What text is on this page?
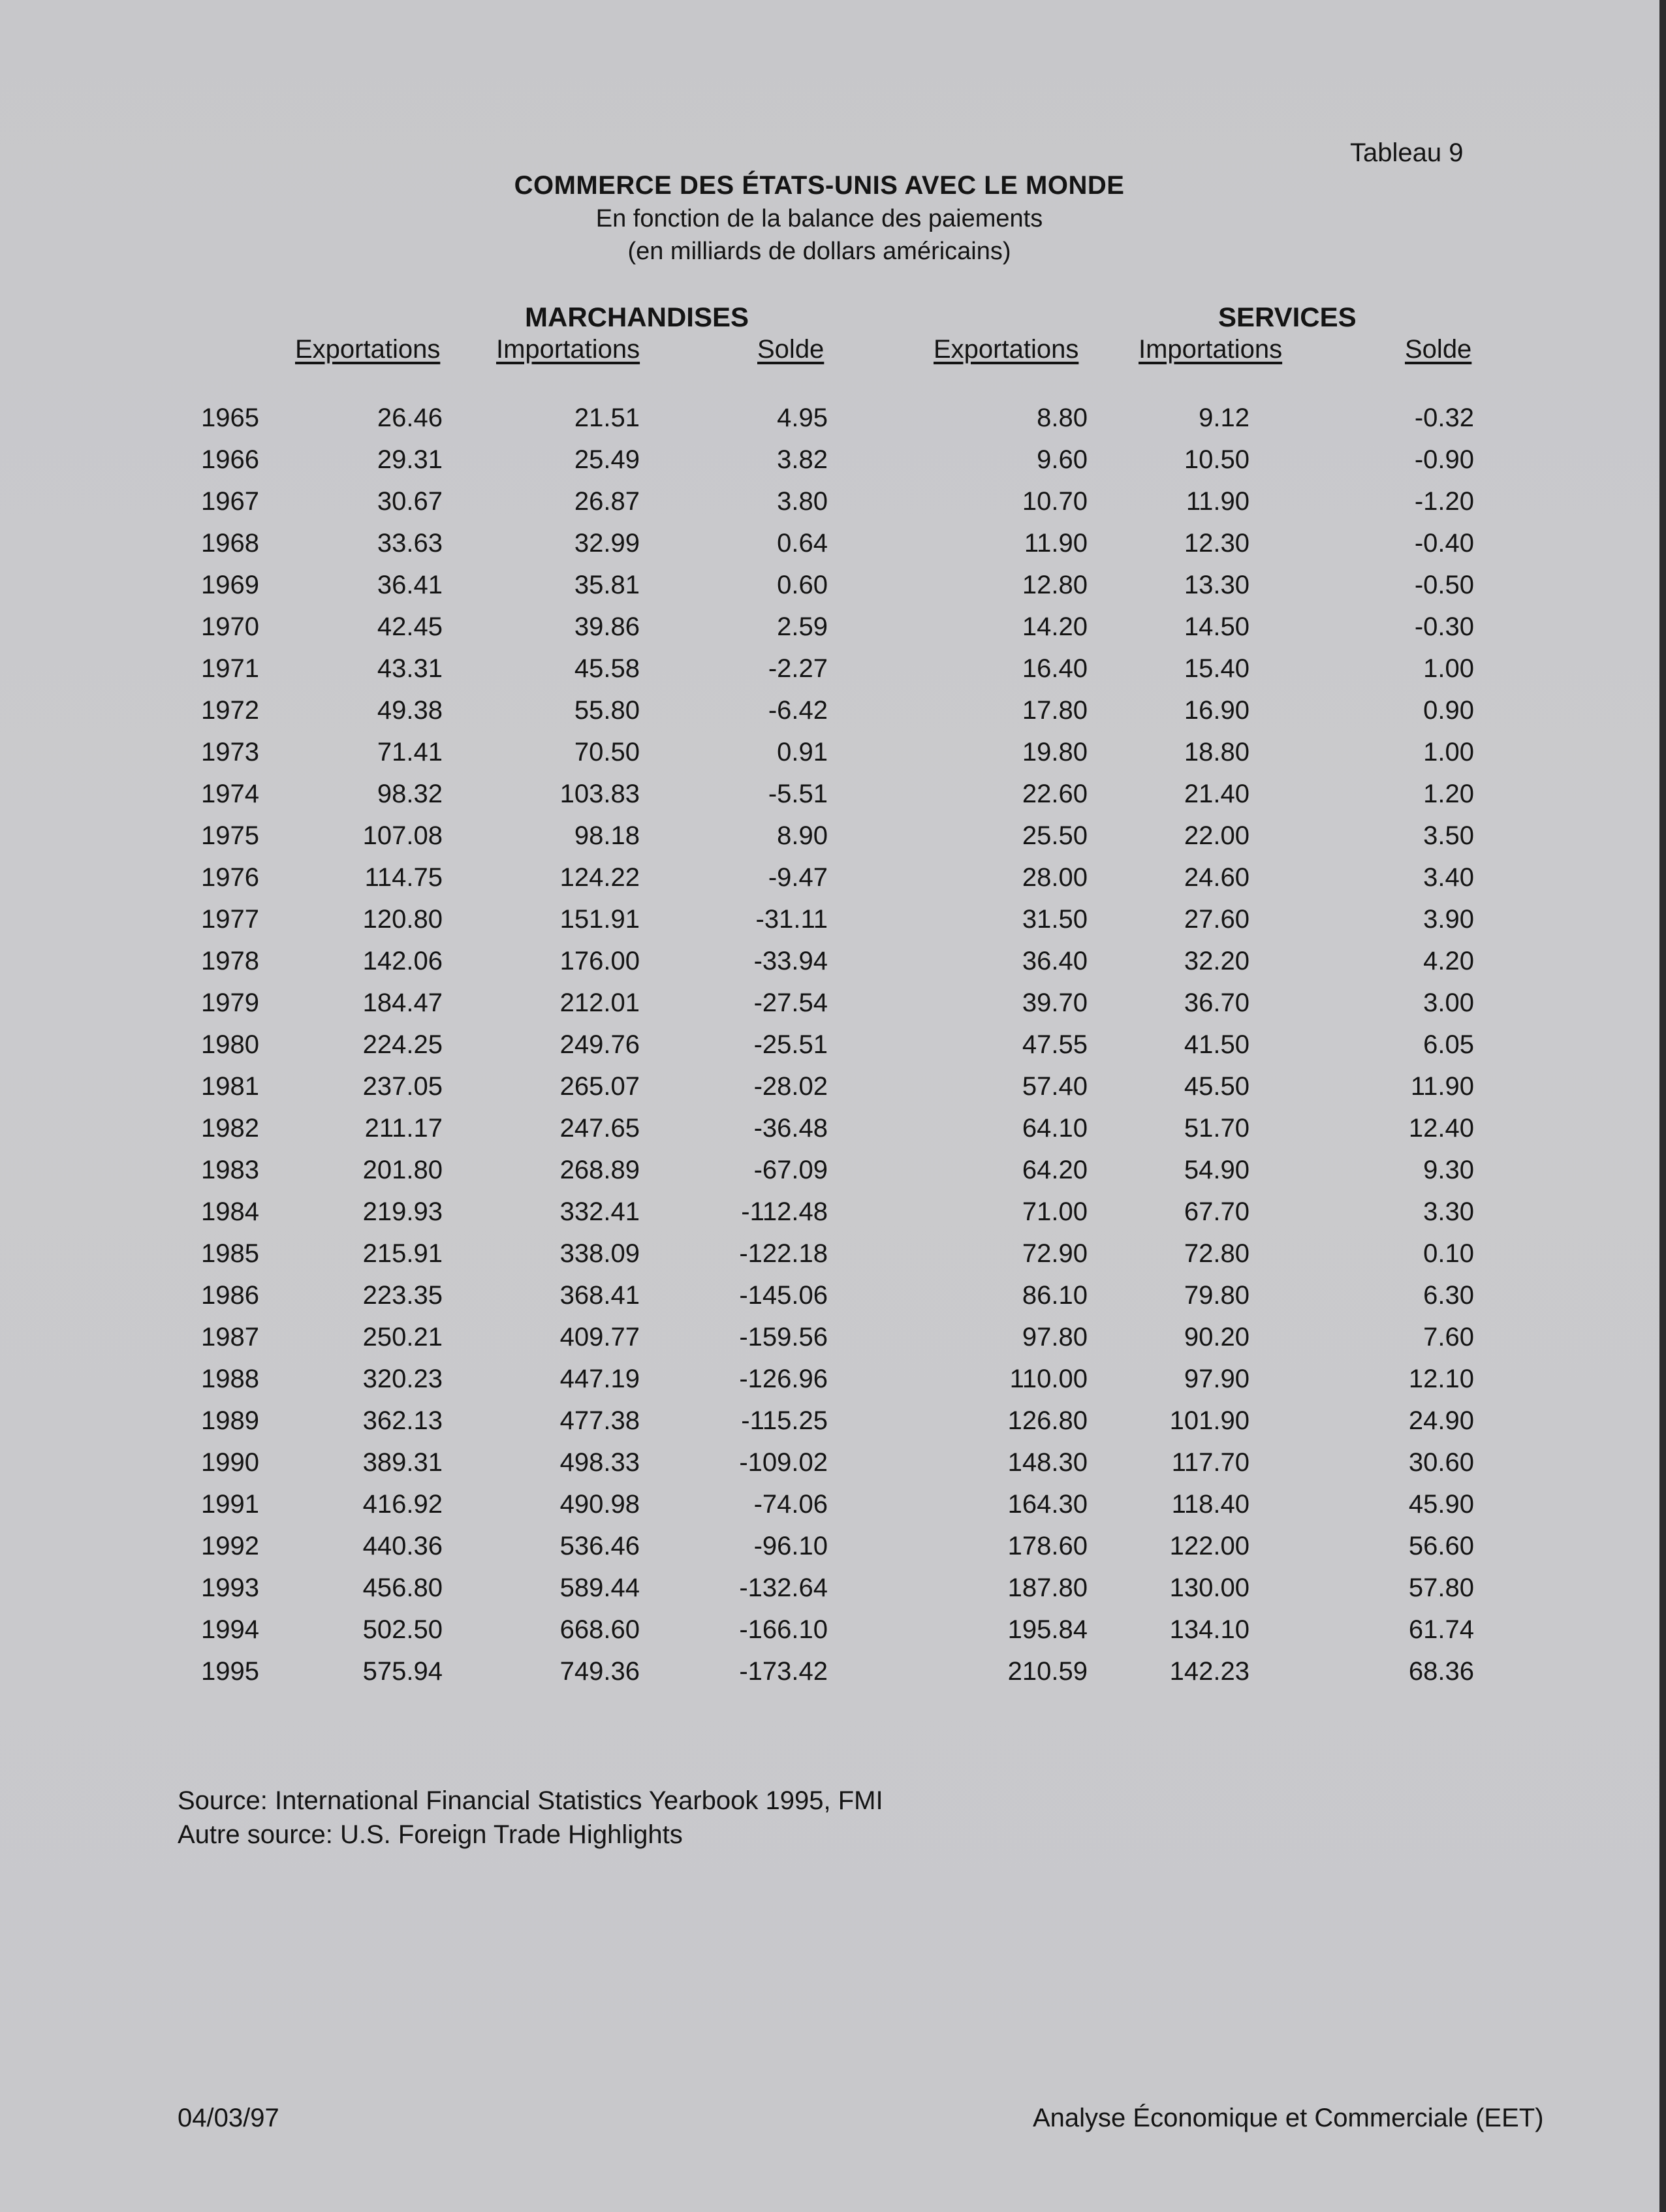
Tableau 9
COMMERCE DES ÉTATS-UNIS AVEC LE MONDE
En fonction de la balance des paiements
(en milliards de dollars américains)
MARCHANDISES	SERVICES
Exportations Importations	Solde	Exportations Importations	Solde
1965	26.46	21.51	4.95	8.80	9.12	-0.32
1966	29.31	25.49	3.82	9.60	10.50	-0.90
1967	30.67	26.87	3.80	10.70	11.90	-1.20
1968	33.63	32.99	0.64	11.90	12.30	-0.40
1969	36.41	35.81	0.60	12.80	13.30	-0.50
1970	42.45	39.86	2.59	14.20	14.50	-0.30
1971	43.31	45.58	-2.27	16.40	15.40	1.00
1972	49.38	55.80	-6.42	17.80	16.90	0.90
1973	71.41	70.50	0.91	19.80	18.80	1.00
1974	98.32	103.83	-5.51	22.60	21.40	1.20
1975	107.08	98.18	8.90	25.50	22.00	3.50
1976	114.75	124.22	-9.47	28.00	24.60	3.40
1977	120.80	151.91	-31.11	31.50	27.60	3.90
1978	142.06	176.00	-33.94	36.40	32.20	4.20
1979	184.47	212.01	-27.54	39.70	36.70	3.00
1980	224.25	249.76	-25.51	47.55	41.50	6.05
1981	237.05	265.07	-28.02	57.40	45.50	11.90
1982	211.17	247.65	-36.48	64.10	51.70	12.40
1983	201.80	268.89	-67.09	64.20	54.90	9.30
1984	219.93	332.41	-112.48	71.00	67.70	3.30
1985	215.91	338.09	-122.18	72.90	72.80	0.10
1986	223.35	368.41	-145.06	86.10	79.80	6.30
1987	250.21	409.77	-159.56	97.80	90.20	7.60
1988	320.23	447.19	-126.96	110.00	97.90	12.10
1989	362.13	477.38	-115.25	126.80	101.90	24.90
1990	389.31	498.33	-109.02	148.30	117.70	30.60
1991	416.92	490.98	-74.06	164.30	118.40	45.90
1992	440.36	536.46	-96.10	178.60	122.00	56.60
1993	456.80	589.44	-132.64	187.80	130.00	57.80
1994	502.50	668.60	-166.10	195.84	134.10	61.74
1995	575.94	749.36	-173.42	210.59	142.23	68.36
Source: International Financial Statistics Yearbook 1995, FMI
Autre source: U.S. Foreign Trade Highlights
04/03/97	Analyse Économique et Commerciale (EET)
